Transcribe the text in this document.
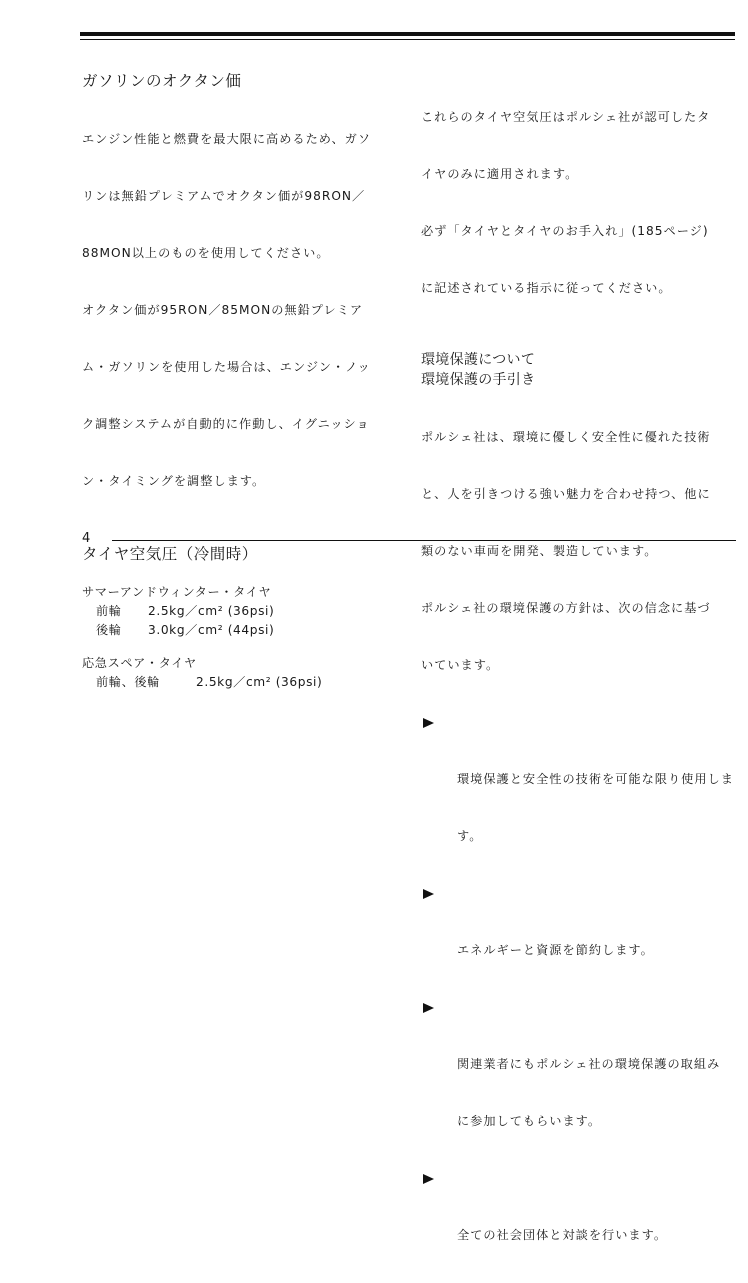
ガソリンのオクタン価

エンジン性能と燃費を最大限に高めるため、ガソ

リンは無鉛プレミアムでオクタン価が98RON／

88MON以上のものを使用してください。

オクタン価が95RON／85MONの無鉛プレミア

ム・ガソリンを使用した場合は、エンジン・ノッ

ク調整システムが自動的に作動し、イグニッショ

ン・タイミングを調整します。

タイヤ空気圧（冷間時）
サマーアンドウィンター・タイヤ
前輪	2.5kg／cm² (36psi)
後輪	3.0kg／cm² (44psi)
応急スペア・タイヤ
前輪、後輪	2.5kg／cm² (36psi)

これらのタイヤ空気圧はポルシェ社が認可したタ

イヤのみに適用されます。

必ず「タイヤとタイヤのお手入れ」(185ページ)

に記述されている指示に従ってください。

環境保護について
環境保護の手引き

ポルシェ社は、環境に優しく安全性に優れた技術

と、人を引きつける強い魅力を合わせ持つ、他に

類のない車両を開発、製造しています。

ポルシェ社の環境保護の方針は、次の信念に基づ

いています。

環境保護と安全性の技術を可能な限り使用しま

す。

エネルギーと資源を節約します。

関連業者にもポルシェ社の環境保護の取組み

に参加してもらいます。

全ての社会団体と対談を行います。

4
